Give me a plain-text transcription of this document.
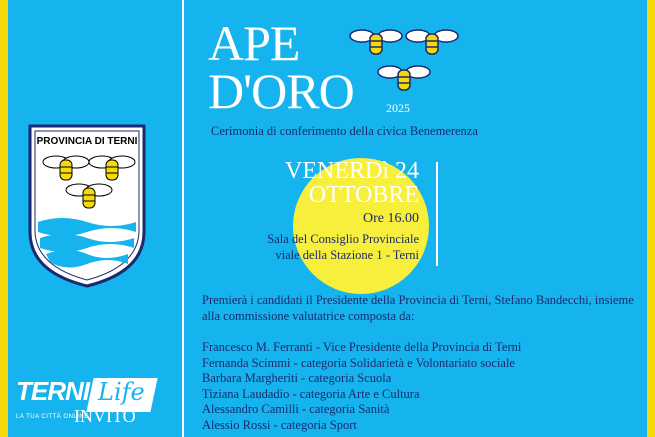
PROVINCIA DI TERNI
APE
D'ORO	2025
Cerimonia di conferimento della civica Benemerenza
VENERDì 24
OTTOBRE
Ore 16.00
Sala del Consiglio Provinciale
viale della Stazione 1 - Terni
Premierà i candidati il Presidente della Provincia di Terni, Stefano Bandecchi, insieme alla commissione valutatrice composta da:
Francesco M. Ferranti - Vice Presidente della Provincia di Terni
Fernanda Scimmi - categoria Solidarietà e Volontariato sociale
Barbara Margheriti - categoria Scuola
Tiziana Laudadio - categoria Arte e Cultura
Alessandro Camilli - categoria Sanità
Alessio Rossi - categoria Sport
TERNI Life
LA TUA CITTÀ ONLINE
INVITO
